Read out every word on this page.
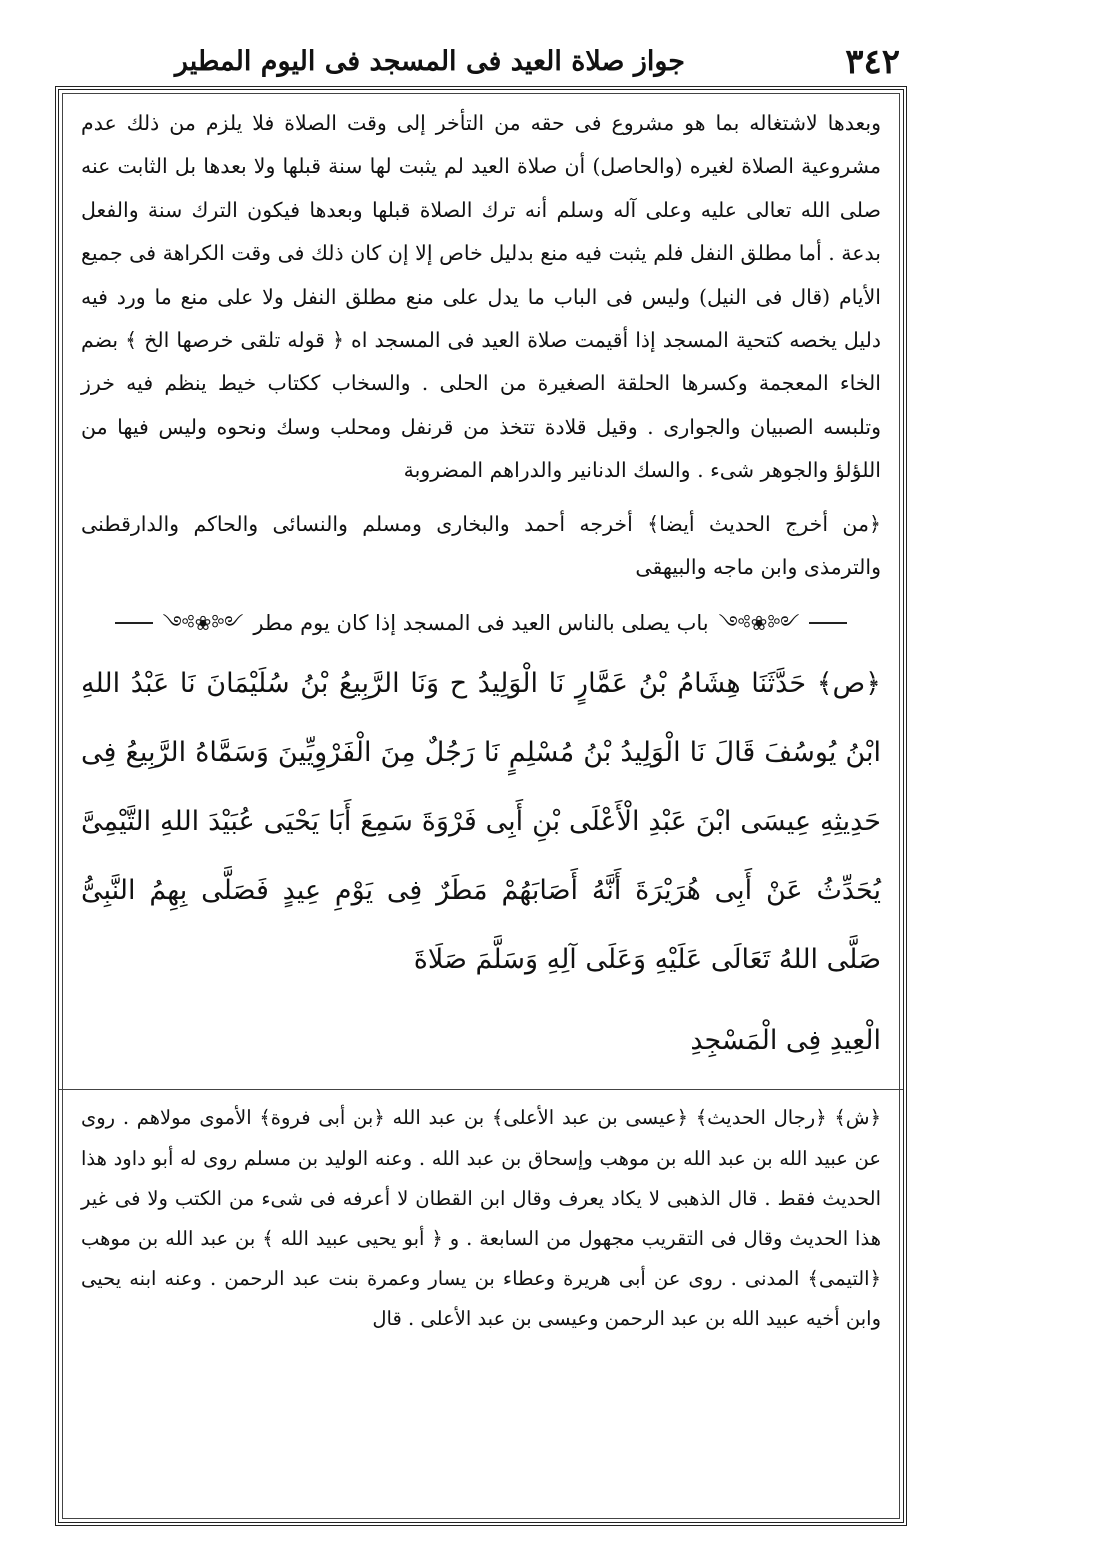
٣٤٢
جواز صلاة العيد فى المسجد فى اليوم المطير

وبعدها لاشتغاله بما هو مشروع فى حقه من التأخر إلى وقت الصلاة فلا يلزم من ذلك عدم مشروعية الصلاة لغيره (والحاصل) أن صلاة العيد لم يثبت لها سنة قبلها ولا بعدها بل الثابت عنه صلى الله تعالى عليه وعلى آله وسلم أنه ترك الصلاة قبلها وبعدها فيكون الترك سنة والفعل بدعة . أما مطلق النفل فلم يثبت فيه منع بدليل خاص إلا إن كان ذلك فى وقت الكراهة فى جميع الأيام (قال فى النيل) وليس فى الباب ما يدل على منع مطلق النفل ولا على منع ما ورد فيه دليل يخصه كتحية المسجد إذا أقيمت صلاة العيد فى المسجد اه ﴿ قوله تلقى خرصها الخ ﴾ بضم الخاء المعجمة وكسرها الحلقة الصغيرة من الحلى . والسخاب ككتاب خيط ينظم فيه خرز وتلبسه الصبيان والجوارى . وقيل قلادة تتخذ من قرنفل ومحلب وسك ونحوه وليس فيها من اللؤلؤ والجوهر شىء . والسك الدنانير والدراهم المضروبة

﴿من أخرج الحديث أيضا﴾ أخرجه أحمد والبخارى ومسلم والنسائى والحاكم والدارقطنى والترمذى وابن ماجه والبيهقى

༺❀༻
باب يصلى بالناس العيد فى المسجد إذا كان يوم مطر
༺❀༻

﴿ص﴾ حَدَّثَنَا هِشَامُ بْنُ عَمَّارٍ نَا الْوَلِيدُ ح وَنَا الرَّبِيعُ بْنُ سُلَيْمَانَ نَا عَبْدُ اللهِ ابْنُ يُوسُفَ قَالَ نَا الْوَلِيدُ بْنُ مُسْلِمٍ نَا رَجُلٌ مِنَ الْفَرْوِيِّينَ وَسَمَّاهُ الرَّبِيعُ فِى حَدِيثِهِ عِيسَى ابْنَ عَبْدِ الْأَعْلَى بْنِ أَبِى فَرْوَةَ سَمِعَ أَبَا يَحْيَى عُبَيْدَ اللهِ التَّيْمِىَّ يُحَدِّثُ عَنْ أَبِى هُرَيْرَةَ أَنَّهُ أَصَابَهُمْ مَطَرٌ فِى يَوْمِ عِيدٍ فَصَلَّى بِهِمُ النَّبِىُّ صَلَّى اللهُ تَعَالَى عَلَيْهِ وَعَلَى آلِهِ وَسَلَّمَ صَلَاةَ
الْعِيدِ فِى الْمَسْجِدِ

﴿ش﴾ ﴿رجال الحديث﴾ ﴿عيسى بن عبد الأعلى﴾ بن عبد الله ﴿بن أبى فروة﴾ الأموى مولاهم . روى عن عبيد الله بن عبد الله بن موهب وإسحاق بن عبد الله . وعنه الوليد بن مسلم روى له أبو داود هذا الحديث فقط . قال الذهبى لا يكاد يعرف وقال ابن القطان لا أعرفه فى شىء من الكتب ولا فى غير هذا الحديث وقال فى التقريب مجهول من السابعة . و ﴿ أبو يحيى عبيد الله ﴾ بن عبد الله بن موهب ﴿التيمى﴾ المدنى . روى عن أبى هريرة وعطاء بن يسار وعمرة بنت عبد الرحمن . وعنه ابنه يحيى وابن أخيه عبيد الله بن عبد الرحمن وعيسى بن عبد الأعلى . قال
